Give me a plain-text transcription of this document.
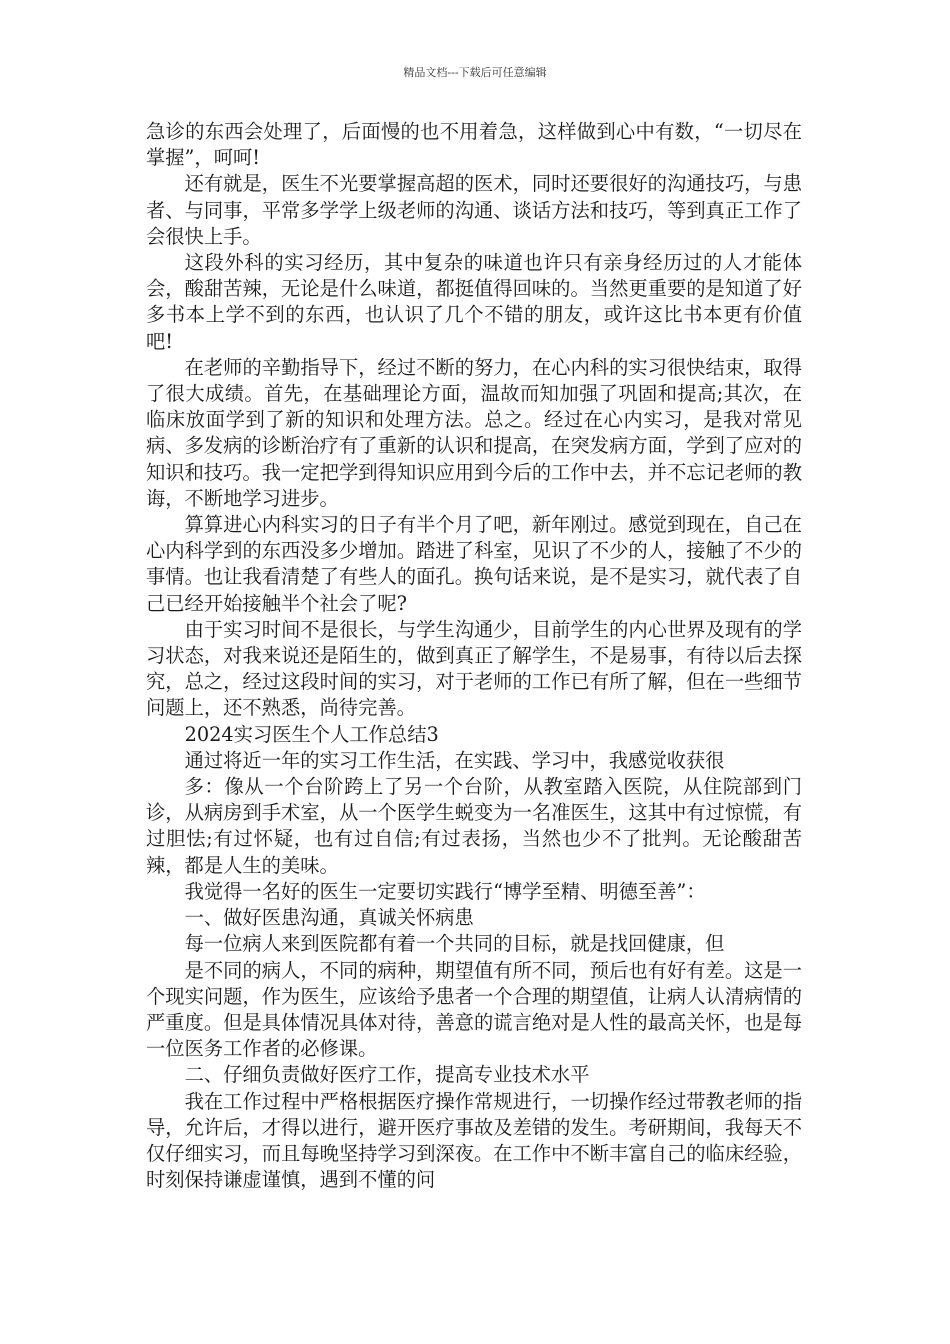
精品文档---下载后可任意编辑

急诊的东西会处理了，后面慢的也不用着急，这样做到心中有数，“一切尽在掌握”，呵呵!

还有就是，医生不光要掌握高超的医术，同时还要很好的沟通技巧，与患者、与同事，平常多学学上级老师的沟通、谈话方法和技巧，等到真正工作了会很快上手。

这段外科的实习经历，其中复杂的味道也许只有亲身经历过的人才能体会，酸甜苦辣，无论是什么味道，都挺值得回味的。当然更重要的是知道了好多书本上学不到的东西，也认识了几个不错的朋友，或许这比书本更有价值吧!

在老师的辛勤指导下，经过不断的努力，在心内科的实习很快结束，取得了很大成绩。首先，在基础理论方面，温故而知加强了巩固和提高;其次，在临床放面学到了新的知识和处理方法。总之。经过在心内实习，是我对常见病、多发病的诊断治疗有了重新的认识和提高，在突发病方面，学到了应对的知识和技巧。我一定把学到得知识应用到今后的工作中去，并不忘记老师的教诲，不断地学习进步。

算算进心内科实习的日子有半个月了吧，新年刚过。感觉到现在，自己在心内科学到的东西没多少增加。踏进了科室，见识了不少的人，接触了不少的事情。也让我看清楚了有些人的面孔。换句话来说，是不是实习，就代表了自己已经开始接触半个社会了呢?

由于实习时间不是很长，与学生沟通少，目前学生的内心世界及现有的学习状态，对我来说还是陌生的，做到真正了解学生，不是易事，有待以后去探究，总之，经过这段时间的实习，对于老师的工作已有所了解，但在一些细节问题上，还不熟悉，尚待完善。

2024实习医生个人工作总结3

通过将近一年的实习工作生活，在实践、学习中，我感觉收获很

多：像从一个台阶跨上了另一个台阶，从教室踏入医院，从住院部到门诊，从病房到手术室，从一个医学生蜕变为一名准医生，这其中有过惊慌，有过胆怯;有过怀疑，也有过自信;有过表扬，当然也少不了批判。无论酸甜苦辣，都是人生的美味。

我觉得一名好的医生一定要切实践行“博学至精、明德至善”：

一、做好医患沟通，真诚关怀病患

每一位病人来到医院都有着一个共同的目标，就是找回健康，但

是不同的病人，不同的病种，期望值有所不同，预后也有好有差。这是一个现实问题，作为医生，应该给予患者一个合理的期望值，让病人认清病情的严重度。但是具体情况具体对待，善意的谎言绝对是人性的最高关怀，也是每一位医务工作者的必修课。

二、仔细负责做好医疗工作，提高专业技术水平

我在工作过程中严格根据医疗操作常规进行，一切操作经过带教老师的指导，允许后，才得以进行，避开医疗事故及差错的发生。考研期间，我每天不仅仔细实习，而且每晚坚持学习到深夜。在工作中不断丰富自己的临床经验，时刻保持谦虚谨慎，遇到不懂的问
